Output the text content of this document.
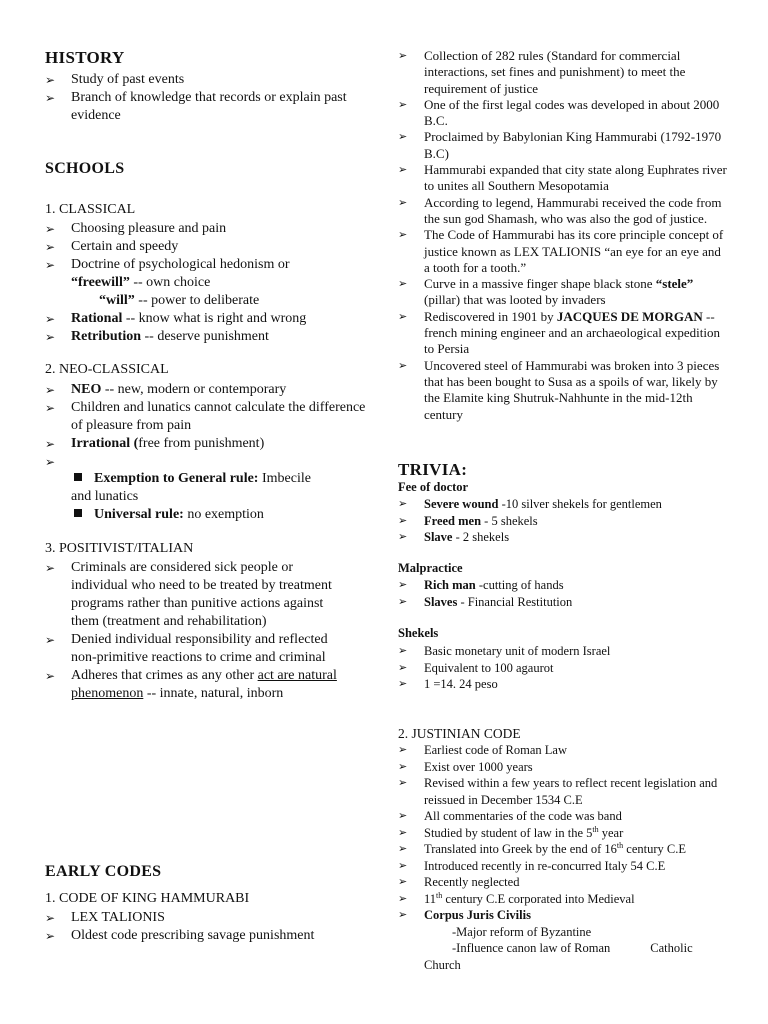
HISTORY
➢ Study of past events
➢ Branch of knowledge that records or explain past evidence
SCHOOLS
1. CLASSICAL
➢ Choosing pleasure and pain
➢ Certain and speedy
➢ Doctrine of psychological hedonism or
“freewill” -- own choice
“will” -- power to deliberate
➢ Rational -- know what is right and wrong
➢ Retribution -- deserve punishment
2. NEO-CLASSICAL
➢ NEO -- new, modern or contemporary
➢ Children and lunatics cannot calculate the difference of pleasure from pain
➢ Irrational (free from punishment)
➢
Exemption to General rule: Imbecile
and lunatics
Universal rule: no exemption
3. POSITIVIST/ITALIAN
➢ Criminals are considered sick people or individual who need to be treated by treatment programs rather than punitive actions against them (treatment and rehabilitation)
➢ Denied individual responsibility and reflected non-primitive reactions to crime and criminal
➢ Adheres that crimes as any other act are natural phenomenon -- innate, natural, inborn
EARLY CODES
1. CODE OF KING HAMMURABI
➢ LEX TALIONIS
➢ Oldest code prescribing savage punishment
➢ Collection of 282 rules (Standard for commercial interactions, set fines and punishment) to meet the requirement of justice
➢ One of the first legal codes was developed in about 2000 B.C.
➢ Proclaimed by Babylonian King Hammurabi (1792-1970 B.C)
➢ Hammurabi expanded that city state along Euphrates river to unites all Southern Mesopotamia
➢ According to legend, Hammurabi received the code from the sun god Shamash, who was also the god of justice.
➢ The Code of Hammurabi has its core principle concept of justice known as LEX TALIONIS “an eye for an eye and a tooth for a tooth.”
➢ Curve in a massive finger shape black stone “stele” (pillar) that was looted by invaders
➢ Rediscovered in 1901 by JACQUES DE MORGAN -- french mining engineer and an archaeological expedition to Persia
➢ Uncovered steel of Hammurabi was broken into 3 pieces that has been bought to Susa as a spoils of war, likely by the Elamite king Shutruk-Nahhunte in the mid-12th century
TRIVIA:
Fee of doctor
➢ Severe wound -10 silver shekels for gentlemen
➢ Freed men - 5 shekels
➢ Slave - 2 shekels
Malpractice
➢ Rich man -cutting of hands
➢ Slaves - Financial Restitution
Shekels
➢ Basic monetary unit of modern Israel
➢ Equivalent to 100 agaurot
➢ 1 =14. 24 peso
2. JUSTINIAN CODE
➢ Earliest code of Roman Law
➢ Exist over 1000 years
➢ Revised within a few years to reflect recent legislation and reissued in December 1534 C.E
➢ All commentaries of the code was band
➢ Studied by student of law in the 5th year
➢ Translated into Greek by the end of 16th century C.E
➢ Introduced recently in re-concurred Italy 54 C.E
➢ Recently neglected
➢ 11th century C.E corporated into Medieval
➢ Corpus Juris Civilis
-Major reform of Byzantine
-Influence canon law of Roman	Catholic
Church
